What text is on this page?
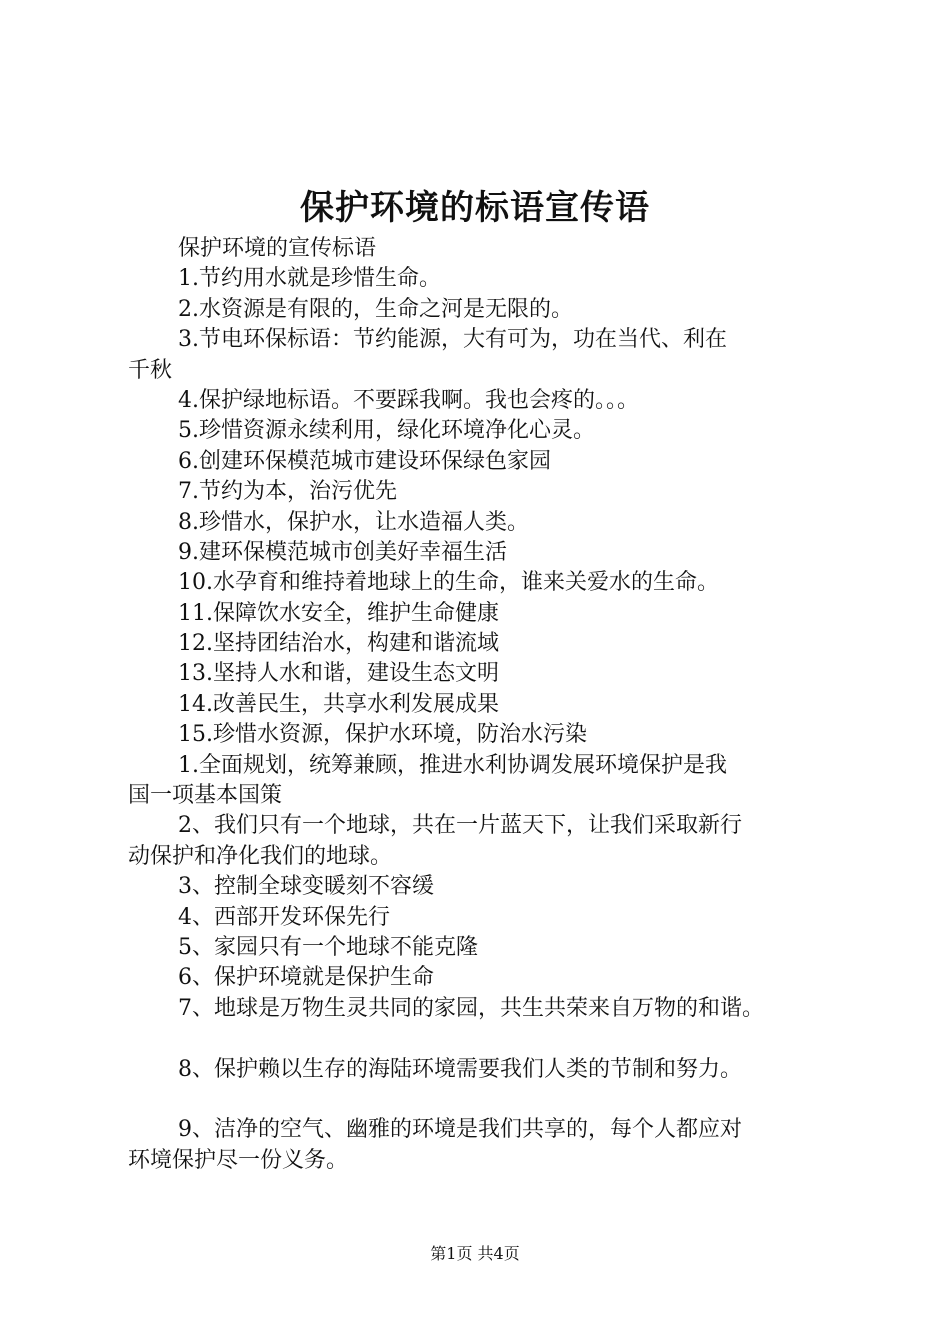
保护环境的标语宣传语
保护环境的宣传标语
1.节约用水就是珍惜生命。
2.水资源是有限的，生命之河是无限的。
3.节电环保标语：节约能源，大有可为，功在当代、利在
千秋
4.保护绿地标语。不要踩我啊。我也会疼的。。。
5.珍惜资源永续利用，绿化环境净化心灵。
6.创建环保模范城市建设环保绿色家园
7.节约为本，治污优先
8.珍惜水，保护水，让水造福人类。
9.建环保模范城市创美好幸福生活
10.水孕育和维持着地球上的生命，谁来关爱水的生命。
11.保障饮水安全，维护生命健康
12.坚持团结治水，构建和谐流域
13.坚持人水和谐，建设生态文明
14.改善民生，共享水利发展成果
15.珍惜水资源，保护水环境，防治水污染
1.全面规划，统筹兼顾，推进水利协调发展环境保护是我
国一项基本国策
2、我们只有一个地球，共在一片蓝天下，让我们采取新行
动保护和净化我们的地球。
3、控制全球变暖刻不容缓
4、西部开发环保先行
5、家园只有一个地球不能克隆
6、保护环境就是保护生命
7、地球是万物生灵共同的家园，共生共荣来自万物的和谐。
8、保护赖以生存的海陆环境需要我们人类的节制和努力。
9、洁净的空气、幽雅的环境是我们共享的，每个人都应对
环境保护尽一份义务。
第1页 共4页
